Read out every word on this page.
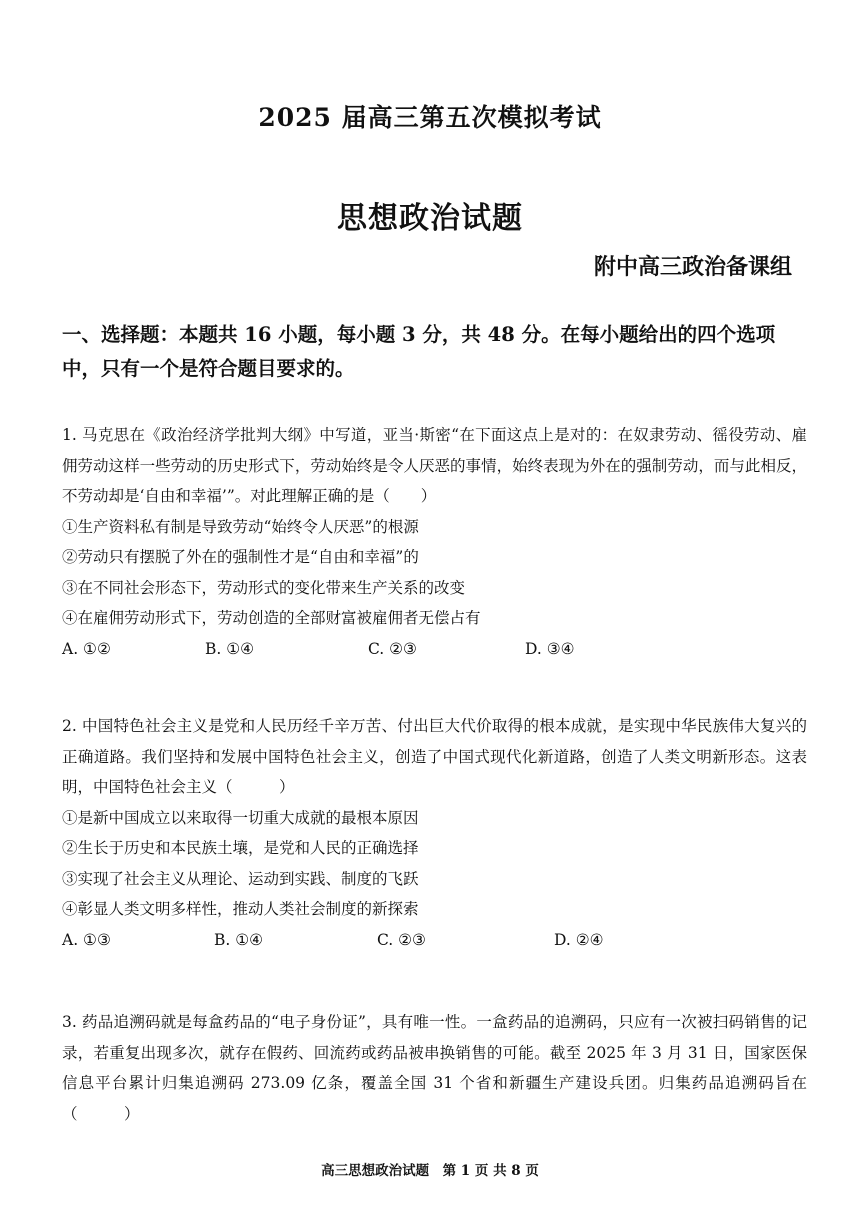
2025 届高三第五次模拟考试
思想政治试题
附中高三政治备课组
一、选择题：本题共 16 小题，每小题 3 分，共 48 分。在每小题给出的四个选项中，只有一个是符合题目要求的。

1. 马克思在《政治经济学批判大纲》中写道，亚当·斯密“在下面这点上是对的：在奴隶劳动、徭役劳动、雇佣劳动这样一些劳动的历史形式下，劳动始终是令人厌恶的事情，始终表现为外在的强制劳动，而与此相反，不劳动却是‘自由和幸福’”。对此理解正确的是（　　）

①生产资料私有制是导致劳动“始终令人厌恶”的根源

②劳动只有摆脱了外在的强制性才是“自由和幸福”的

③在不同社会形态下，劳动形式的变化带来生产关系的改变

④在雇佣劳动形式下，劳动创造的全部财富被雇佣者无偿占有

A. ①②	B. ①④	C. ②③	D. ③④

2. 中国特色社会主义是党和人民历经千辛万苦、付出巨大代价取得的根本成就，是实现中华民族伟大复兴的正确道路。我们坚持和发展中国特色社会主义，创造了中国式现代化新道路，创造了人类文明新形态。这表明，中国特色社会主义（　　　）

①是新中国成立以来取得一切重大成就的最根本原因

②生长于历史和本民族土壤，是党和人民的正确选择

③实现了社会主义从理论、运动到实践、制度的飞跃

④彰显人类文明多样性，推动人类社会制度的新探索

A. ①③	B. ①④	C. ②③	D. ②④

3. 药品追溯码就是每盒药品的“电子身份证”，具有唯一性。一盒药品的追溯码，只应有一次被扫码销售的记录，若重复出现多次，就存在假药、回流药或药品被串换销售的可能。截至 2025 年 3 月 31 日，国家医保信息平台累计归集追溯码 273.09 亿条，覆盖全国 31 个省和新疆生产建设兵团。归集药品追溯码旨在（　　　）

高三思想政治试题　第 1 页 共 8 页
